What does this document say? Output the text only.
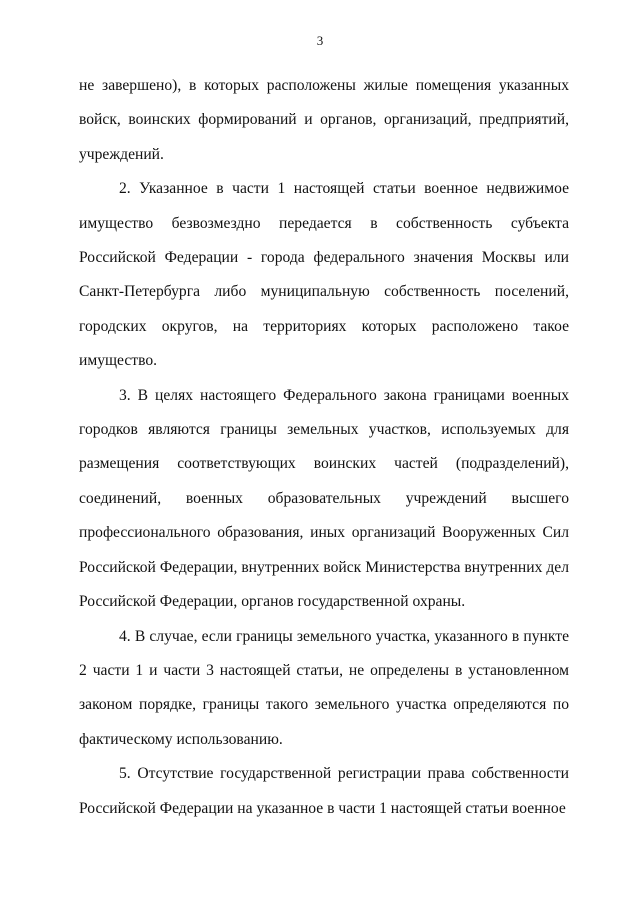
3

не завершено), в которых расположены жилые помещения указанных войск, воинских формирований и органов, организаций, предприятий, учреждений.

2. Указанное в части 1 настоящей статьи военное недвижимое имущество безвозмездно передается в собственность субъекта Российской Федерации - города федерального значения Москвы или Санкт-Петербурга либо муниципальную собственность поселений, городских округов, на территориях которых расположено такое имущество.

3. В целях настоящего Федерального закона границами военных городков являются границы земельных участков, используемых для размещения соответствующих воинских частей (подразделений), соединений, военных образовательных учреждений высшего профессионального образования, иных организаций Вооруженных Сил Российской Федерации, внутренних войск Министерства внутренних дел Российской Федерации, органов государственной охраны.

4. В случае, если границы земельного участка, указанного в пункте 2 части 1 и части 3 настоящей статьи, не определены в установленном законом порядке, границы такого земельного участка определяются по фактическому использованию.

5. Отсутствие государственной регистрации права собственности Российской Федерации на указанное в части 1 настоящей статьи военное
